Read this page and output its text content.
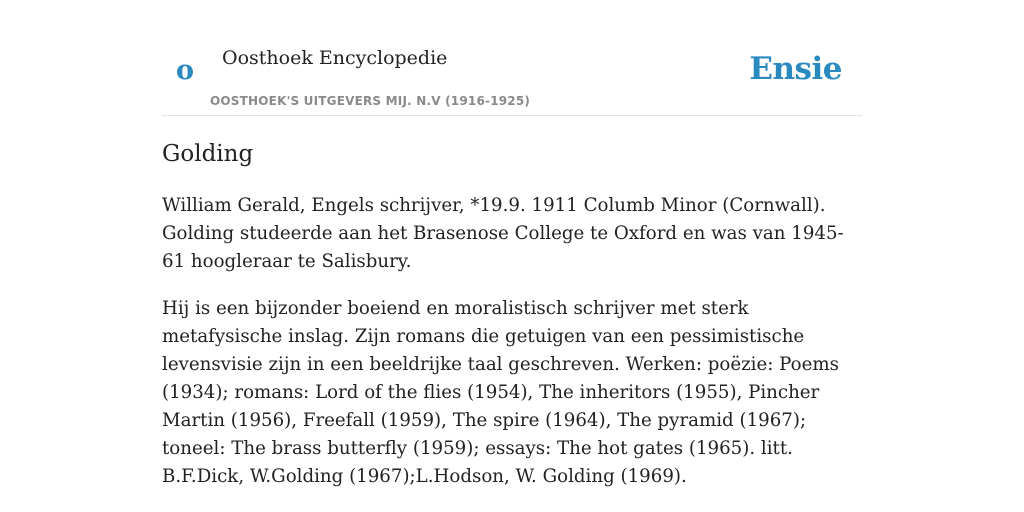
o Oosthoek Encyclopedie
OOSTHOEK'S UITGEVERS MIJ. N.V (1916-1925)
Ensie
Golding

William Gerald, Engels schrijver, *19.9. 1911 Columb Minor (Cornwall). Golding studeerde aan het Brasenose College te Oxford en was van 1945-61 hoogleraar te Salisbury.

Hij is een bijzonder boeiend en moralistisch schrijver met sterk metafysische inslag. Zijn romans die getuigen van een pessimistische levensvisie zijn in een beeldrijke taal geschreven. Werken: poëzie: Poems (1934); romans: Lord of the flies (1954), The inheritors (1955), Pincher Martin (1956), Freefall (1959), The spire (1964), The pyramid (1967); toneel: The brass butterfly (1959); essays: The hot gates (1965). litt. B.F.Dick, W.Golding (1967);L.Hodson, W. Golding (1969).
